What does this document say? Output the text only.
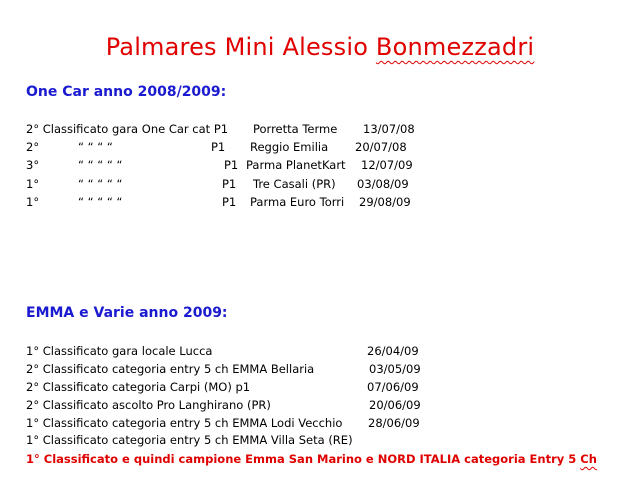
Palmares Mini Alessio Bonmezzadri
One Car anno 2008/2009:
2° Classificato gara One Car cat P1 Porretta Terme 13/07/08
2°	“ “ “ “	P1 Reggio Emilia 20/07/08
3°	“ “ “ “ “	P1 Parma PlanetKart 12/07/09
1°	“ “ “ “ “	P1 Tre Casali (PR) 03/08/09
1°	“ “ “ “ “	P1 Parma Euro Torri 29/08/09
EMMA e Varie anno 2009:
1° Classificato gara locale Lucca	26/04/09
2° Classificato categoria entry 5 ch EMMA Bellaria	03/05/09
2° Classificato categoria Carpi (MO) p1	07/06/09
2° Classificato ascolto Pro Langhirano (PR)	20/06/09
1° Classificato categoria entry 5 ch EMMA Lodi Vecchio 28/06/09
1° Classificato categoria entry 5 ch EMMA Villa Seta (RE)
1° Classificato e quindi campione Emma San Marino e NORD ITALIA categoria Entry 5 Ch
